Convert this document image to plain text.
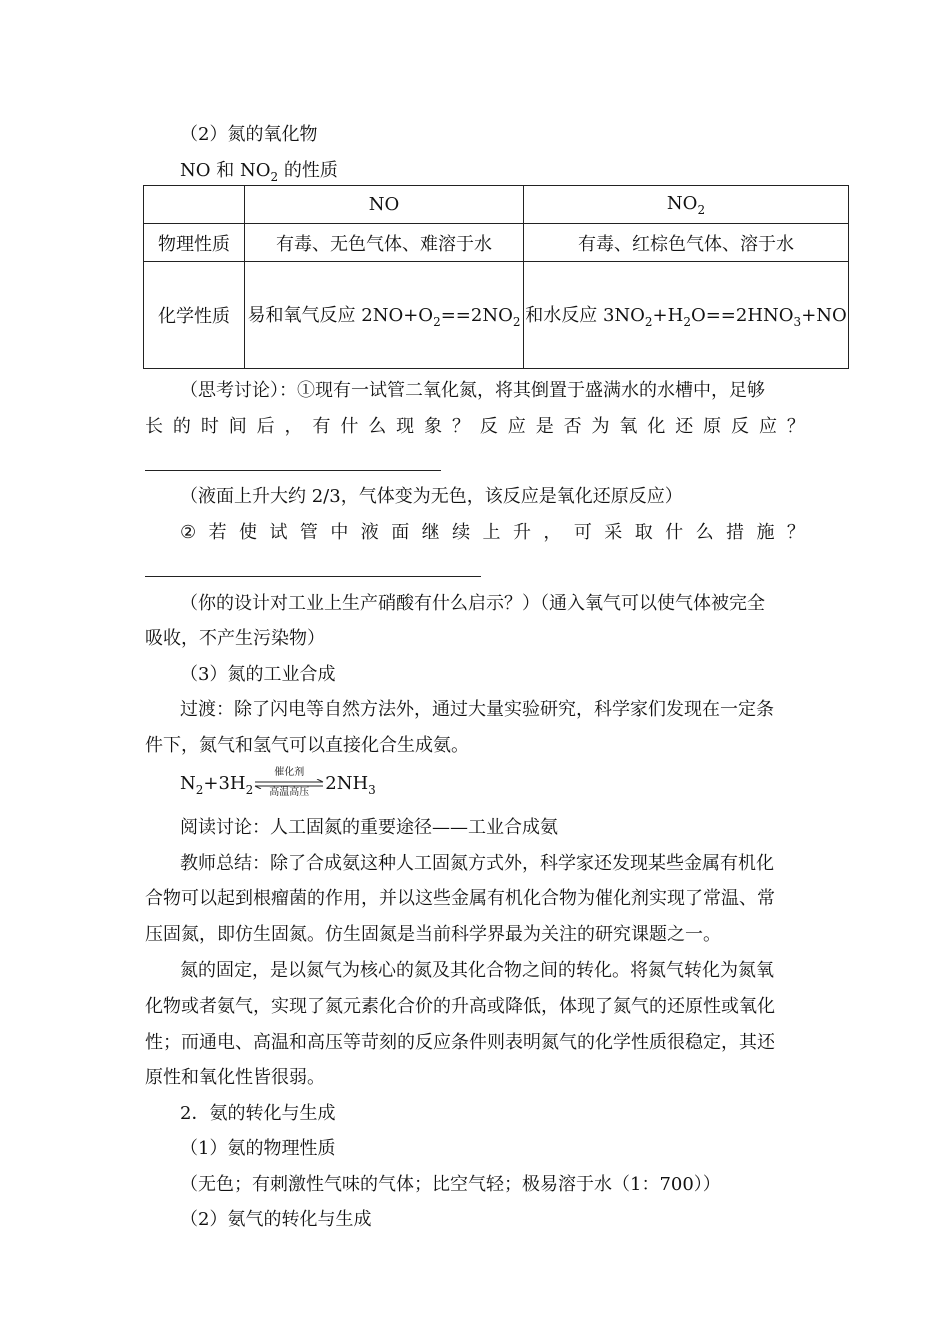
（2）氮的氧化物
NO 和 $NO_2$ 的性质
	NO	$NO_2$
物理性质	有毒、无色气体、难溶于水	有毒、红棕色气体、溶于水
化学性质	易和氧气反应 $2NO+O_2==2NO_2$	和水反应 $3NO_2+H_2O==2HNO_3+NO$
（思考讨论）：①现有一试管二氧化氮，将其倒置于盛满水的水槽中，足够
长 的 时 间 后 ， 有 什 么 现 象 ？ 反 应 是 否 为 氧 化 还 原 反 应 ？
（液面上升大约 2/3，气体变为无色，该反应是氧化还原反应）
② 若 使 试 管 中 液 面 继 续 上 升 ， 可 采 取 什 么 措 施 ？
（你的设计对工业上生产硝酸有什么启示？）（通入氧气可以使气体被完全
吸收，不产生污染物）
（3）氮的工业合成
过渡：除了闪电等自然方法外，通过大量实验研究，科学家们发现在一定条
件下，氮气和氢气可以直接化合生成氨。
$N_2+3H_2$
催化剂
高温高压 $2NH_3$
阅读讨论：人工固氮的重要途径——工业合成氨
教师总结：除了合成氨这种人工固氮方式外，科学家还发现某些金属有机化
合物可以起到根瘤菌的作用，并以这些金属有机化合物为催化剂实现了常温、常
压固氮，即仿生固氮。仿生固氮是当前科学界最为关注的研究课题之一。
氮的固定，是以氮气为核心的氮及其化合物之间的转化。将氮气转化为氮氧
化物或者氨气，实现了氮元素化合价的升高或降低，体现了氮气的还原性或氧化
性；而通电、高温和高压等苛刻的反应条件则表明氮气的化学性质很稳定，其还
原性和氧化性皆很弱。
2．氨的转化与生成
（1）氨的物理性质
（无色；有刺激性气味的气体；比空气轻；极易溶于水（1：700））
（2）氨气的转化与生成
